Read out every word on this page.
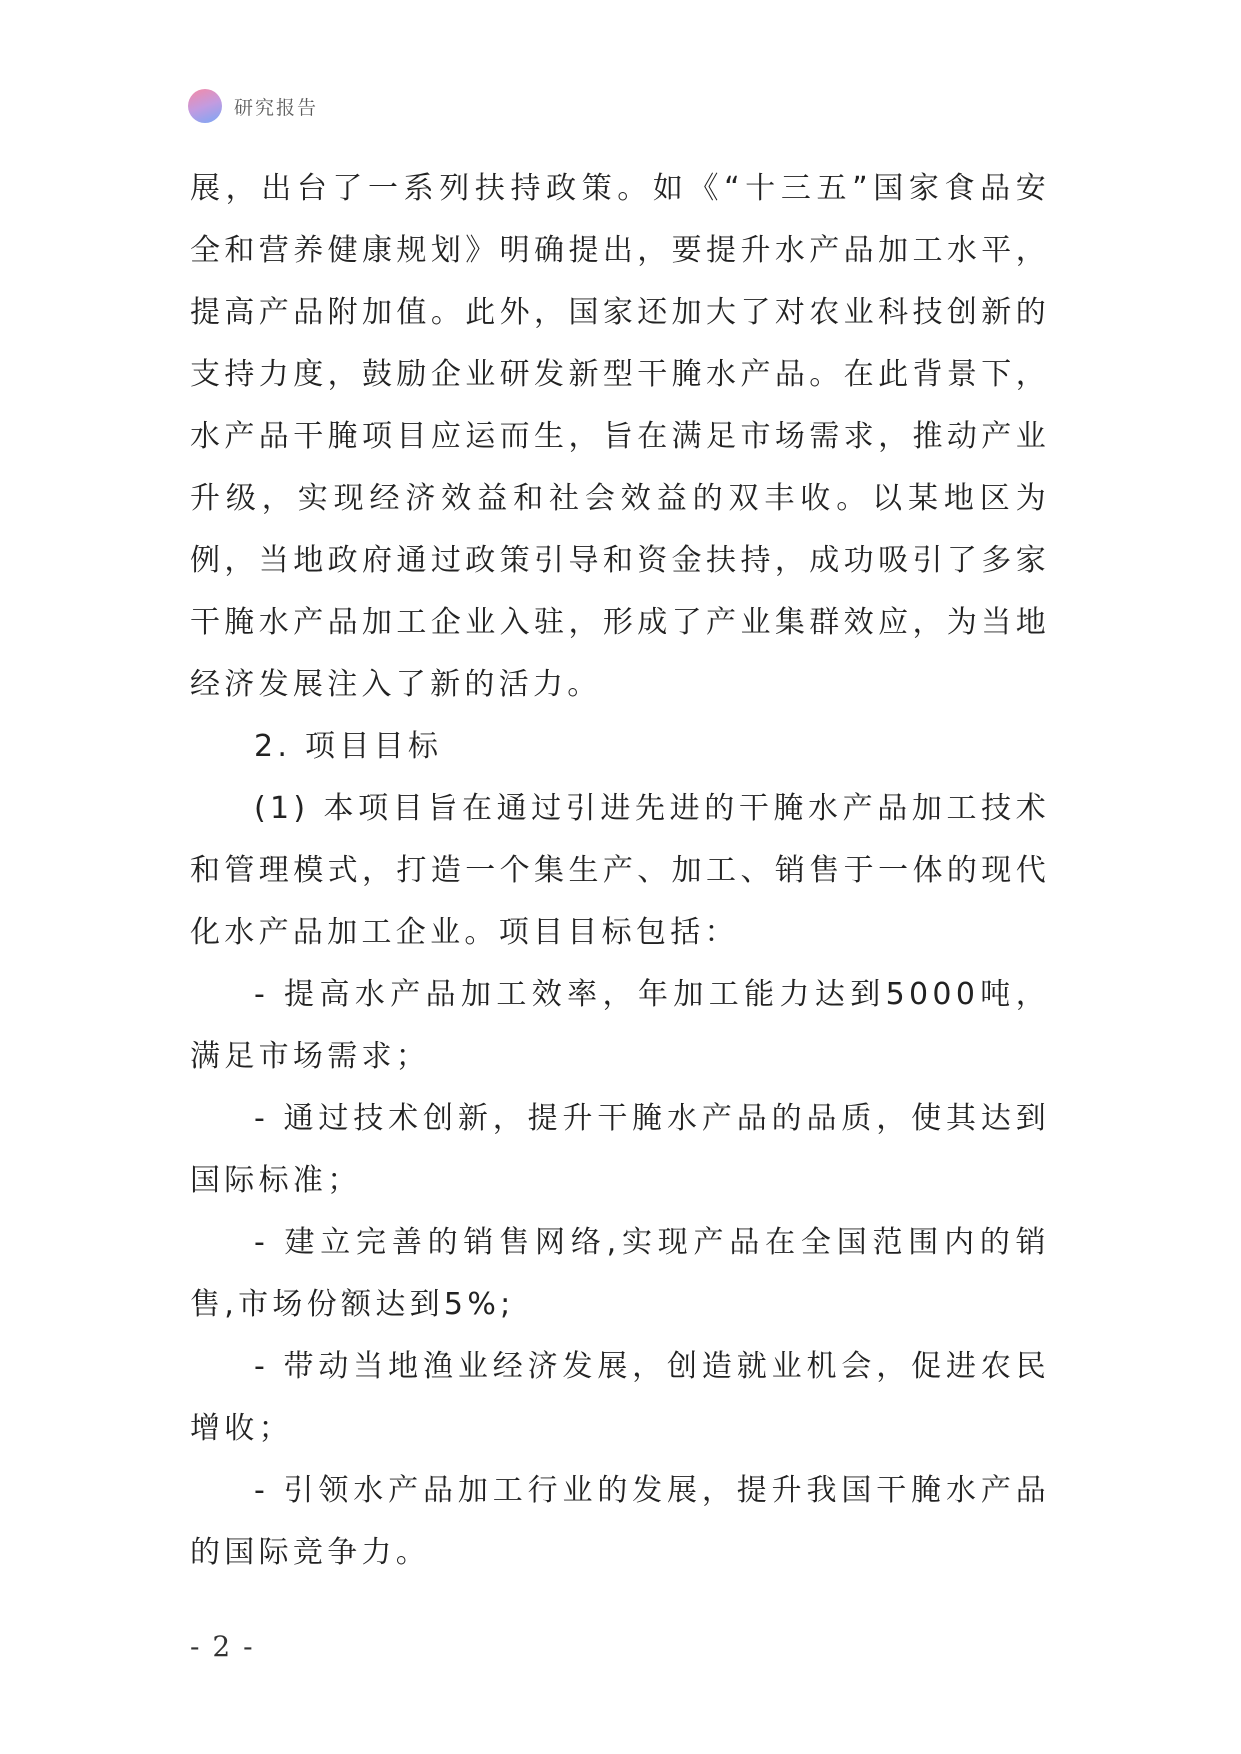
研究报告

展，出台了一系列扶持政策。如《“十三五”国家食品安全和营养健康规划》明确提出，要提升水产品加工水平，提高产品附加值。此外，国家还加大了对农业科技创新的支持力度，鼓励企业研发新型干腌水产品。在此背景下，水产品干腌项目应运而生，旨在满足市场需求，推动产业升级，实现经济效益和社会效益的双丰收。以某地区为例，当地政府通过政策引导和资金扶持，成功吸引了多家干腌水产品加工企业入驻，形成了产业集群效应，为当地经济发展注入了新的活力。

2. 项目目标

(1) 本项目旨在通过引进先进的干腌水产品加工技术和管理模式，打造一个集生产、加工、销售于一体的现代化水产品加工企业。项目目标包括：

- 提高水产品加工效率，年加工能力达到5000吨，满足市场需求；

- 通过技术创新，提升干腌水产品的品质，使其达到国际标准；

- 建立完善的销售网络,实现产品在全国范围内的销售,市场份额达到5%;

- 带动当地渔业经济发展，创造就业机会，促进农民增收；

- 引领水产品加工行业的发展，提升我国干腌水产品的国际竞争力。

- 2 -
